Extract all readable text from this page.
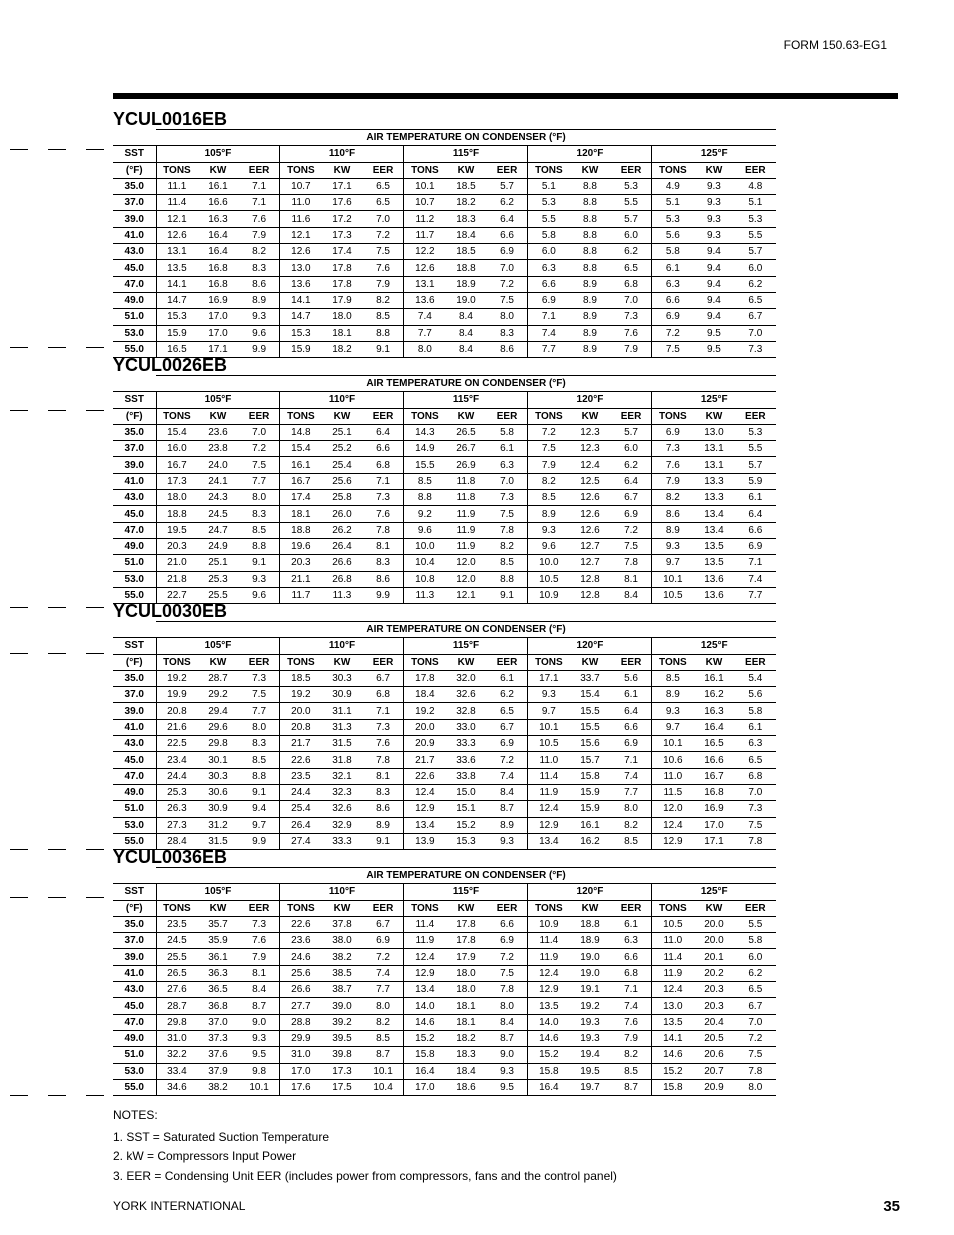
FORM 150.63-EG1
YCUL0016EB
	AIR TEMPERATURE ON CONDENSER (°F)														
SST	105°F			110°F			115°F			120°F			125°F		
(°F)	TONS	KW	EER	TONS	KW	EER	TONS	KW	EER	TONS	KW	EER	TONS	KW	EER
35.0	11.1	16.1	7.1	10.7	17.1	6.5	10.1	18.5	5.7	5.1	8.8	5.3	4.9	9.3	4.8
37.0	11.4	16.6	7.1	11.0	17.6	6.5	10.7	18.2	6.2	5.3	8.8	5.5	5.1	9.3	5.1
39.0	12.1	16.3	7.6	11.6	17.2	7.0	11.2	18.3	6.4	5.5	8.8	5.7	5.3	9.3	5.3
41.0	12.6	16.4	7.9	12.1	17.3	7.2	11.7	18.4	6.6	5.8	8.8	6.0	5.6	9.3	5.5
43.0	13.1	16.4	8.2	12.6	17.4	7.5	12.2	18.5	6.9	6.0	8.8	6.2	5.8	9.4	5.7
45.0	13.5	16.8	8.3	13.0	17.8	7.6	12.6	18.8	7.0	6.3	8.8	6.5	6.1	9.4	6.0
47.0	14.1	16.8	8.6	13.6	17.8	7.9	13.1	18.9	7.2	6.6	8.9	6.8	6.3	9.4	6.2
49.0	14.7	16.9	8.9	14.1	17.9	8.2	13.6	19.0	7.5	6.9	8.9	7.0	6.6	9.4	6.5
51.0	15.3	17.0	9.3	14.7	18.0	8.5	7.4	8.4	8.0	7.1	8.9	7.3	6.9	9.4	6.7
53.0	15.9	17.0	9.6	15.3	18.1	8.8	7.7	8.4	8.3	7.4	8.9	7.6	7.2	9.5	7.0
55.0	16.5	17.1	9.9	15.9	18.2	9.1	8.0	8.4	8.6	7.7	8.9	7.9	7.5	9.5	7.3
YCUL0026EB
	AIR TEMPERATURE ON CONDENSER (°F)														
SST	105°F			110°F			115°F			120°F			125°F		
(°F)	TONS	KW	EER	TONS	KW	EER	TONS	KW	EER	TONS	KW	EER	TONS	KW	EER
35.0	15.4	23.6	7.0	14.8	25.1	6.4	14.3	26.5	5.8	7.2	12.3	5.7	6.9	13.0	5.3
37.0	16.0	23.8	7.2	15.4	25.2	6.6	14.9	26.7	6.1	7.5	12.3	6.0	7.3	13.1	5.5
39.0	16.7	24.0	7.5	16.1	25.4	6.8	15.5	26.9	6.3	7.9	12.4	6.2	7.6	13.1	5.7
41.0	17.3	24.1	7.7	16.7	25.6	7.1	8.5	11.8	7.0	8.2	12.5	6.4	7.9	13.3	5.9
43.0	18.0	24.3	8.0	17.4	25.8	7.3	8.8	11.8	7.3	8.5	12.6	6.7	8.2	13.3	6.1
45.0	18.8	24.5	8.3	18.1	26.0	7.6	9.2	11.9	7.5	8.9	12.6	6.9	8.6	13.4	6.4
47.0	19.5	24.7	8.5	18.8	26.2	7.8	9.6	11.9	7.8	9.3	12.6	7.2	8.9	13.4	6.6
49.0	20.3	24.9	8.8	19.6	26.4	8.1	10.0	11.9	8.2	9.6	12.7	7.5	9.3	13.5	6.9
51.0	21.0	25.1	9.1	20.3	26.6	8.3	10.4	12.0	8.5	10.0	12.7	7.8	9.7	13.5	7.1
53.0	21.8	25.3	9.3	21.1	26.8	8.6	10.8	12.0	8.8	10.5	12.8	8.1	10.1	13.6	7.4
55.0	22.7	25.5	9.6	11.7	11.3	9.9	11.3	12.1	9.1	10.9	12.8	8.4	10.5	13.6	7.7
YCUL0030EB
	AIR TEMPERATURE ON CONDENSER (°F)														
SST	105°F			110°F			115°F			120°F			125°F		
(°F)	TONS	KW	EER	TONS	KW	EER	TONS	KW	EER	TONS	KW	EER	TONS	KW	EER
35.0	19.2	28.7	7.3	18.5	30.3	6.7	17.8	32.0	6.1	17.1	33.7	5.6	8.5	16.1	5.4
37.0	19.9	29.2	7.5	19.2	30.9	6.8	18.4	32.6	6.2	9.3	15.4	6.1	8.9	16.2	5.6
39.0	20.8	29.4	7.7	20.0	31.1	7.1	19.2	32.8	6.5	9.7	15.5	6.4	9.3	16.3	5.8
41.0	21.6	29.6	8.0	20.8	31.3	7.3	20.0	33.0	6.7	10.1	15.5	6.6	9.7	16.4	6.1
43.0	22.5	29.8	8.3	21.7	31.5	7.6	20.9	33.3	6.9	10.5	15.6	6.9	10.1	16.5	6.3
45.0	23.4	30.1	8.5	22.6	31.8	7.8	21.7	33.6	7.2	11.0	15.7	7.1	10.6	16.6	6.5
47.0	24.4	30.3	8.8	23.5	32.1	8.1	22.6	33.8	7.4	11.4	15.8	7.4	11.0	16.7	6.8
49.0	25.3	30.6	9.1	24.4	32.3	8.3	12.4	15.0	8.4	11.9	15.9	7.7	11.5	16.8	7.0
51.0	26.3	30.9	9.4	25.4	32.6	8.6	12.9	15.1	8.7	12.4	15.9	8.0	12.0	16.9	7.3
53.0	27.3	31.2	9.7	26.4	32.9	8.9	13.4	15.2	8.9	12.9	16.1	8.2	12.4	17.0	7.5
55.0	28.4	31.5	9.9	27.4	33.3	9.1	13.9	15.3	9.3	13.4	16.2	8.5	12.9	17.1	7.8
YCUL0036EB
	AIR TEMPERATURE ON CONDENSER (°F)														
SST	105°F			110°F			115°F			120°F			125°F		
(°F)	TONS	KW	EER	TONS	KW	EER	TONS	KW	EER	TONS	KW	EER	TONS	KW	EER
35.0	23.5	35.7	7.3	22.6	37.8	6.7	11.4	17.8	6.6	10.9	18.8	6.1	10.5	20.0	5.5
37.0	24.5	35.9	7.6	23.6	38.0	6.9	11.9	17.8	6.9	11.4	18.9	6.3	11.0	20.0	5.8
39.0	25.5	36.1	7.9	24.6	38.2	7.2	12.4	17.9	7.2	11.9	19.0	6.6	11.4	20.1	6.0
41.0	26.5	36.3	8.1	25.6	38.5	7.4	12.9	18.0	7.5	12.4	19.0	6.8	11.9	20.2	6.2
43.0	27.6	36.5	8.4	26.6	38.7	7.7	13.4	18.0	7.8	12.9	19.1	7.1	12.4	20.3	6.5
45.0	28.7	36.8	8.7	27.7	39.0	8.0	14.0	18.1	8.0	13.5	19.2	7.4	13.0	20.3	6.7
47.0	29.8	37.0	9.0	28.8	39.2	8.2	14.6	18.1	8.4	14.0	19.3	7.6	13.5	20.4	7.0
49.0	31.0	37.3	9.3	29.9	39.5	8.5	15.2	18.2	8.7	14.6	19.3	7.9	14.1	20.5	7.2
51.0	32.2	37.6	9.5	31.0	39.8	8.7	15.8	18.3	9.0	15.2	19.4	8.2	14.6	20.6	7.5
53.0	33.4	37.9	9.8	17.0	17.3	10.1	16.4	18.4	9.3	15.8	19.5	8.5	15.2	20.7	7.8
55.0	34.6	38.2	10.1	17.6	17.5	10.4	17.0	18.6	9.5	16.4	19.7	8.7	15.8	20.9	8.0
NOTES:
1. SST = Saturated Suction Temperature
2. kW = Compressors Input Power
3. EER = Condensing Unit EER (includes power from compressors, fans and the control panel)
YORK INTERNATIONAL	35
